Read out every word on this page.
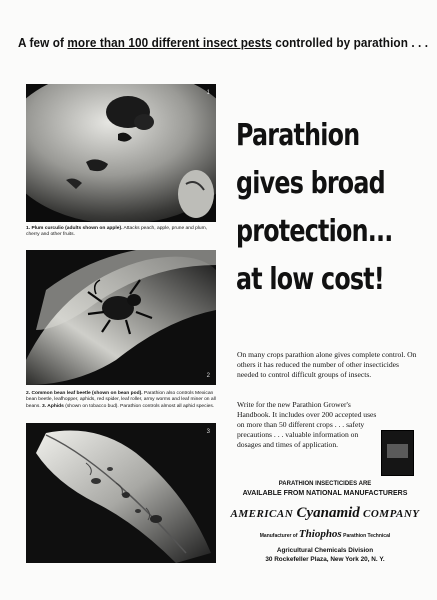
A few of more than 100 different insect pests controlled by parathion . . .
1
1. Plum curculio (adults shown on apple). Attacks peach, apple, prune and plum, cherry and other fruits.
2
2. Common bean leaf beetle (shown on bean pod). Parathion also controls Mexican bean beetle, leafhopper, aphids, red spider, leaf roller, army worms and leaf miner on all beans. 3. Aphids (shown on tobacco bud). Parathion controls almost all aphid species.
3
Parathion
gives broad
protection...
at low cost!
On many crops parathion alone gives complete control. On others it has reduced the number of other insecticides needed to control difficult groups of insects.
Write for the new Parathion Grower's Handbook. It includes over 200 accepted uses on more than 50 different crops . . . safety precautions . . . valuable information on dosages and times of application.
PARATHION INSECTICIDES ARE
AVAILABLE FROM NATIONAL MANUFACTURERS
AMERICAN Cyanamid COMPANY
Manufacturer of Thiophos Parathion Technical
Agricultural Chemicals Division
30 Rockefeller Plaza, New York 20, N. Y.
